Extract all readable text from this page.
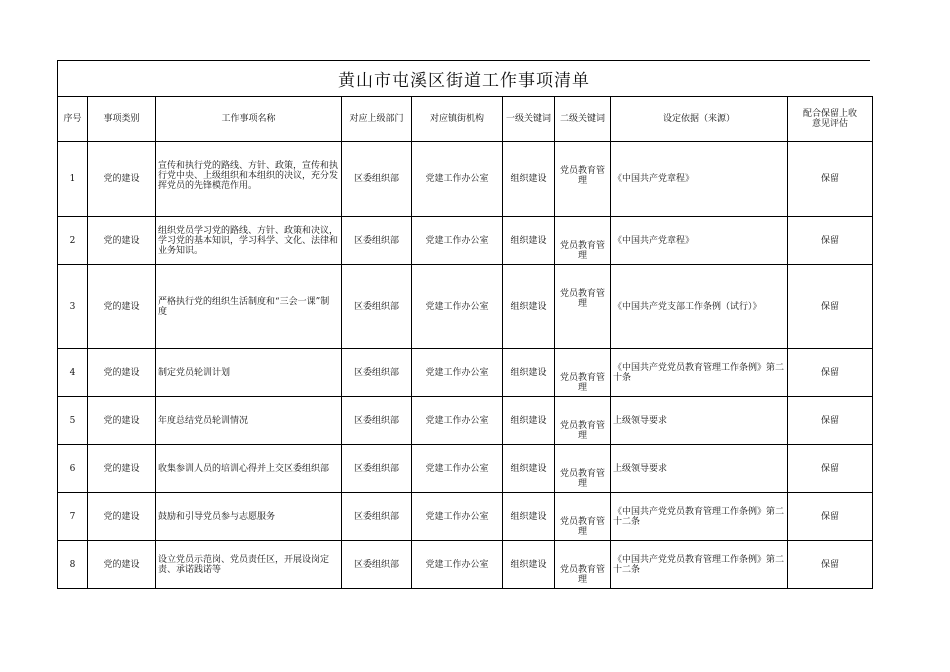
黄山市屯溪区街道工作事项清单
序号	事项类别	工作事项名称	对应上级部门	对应镇街机构	一级关键词	二级关键词	设定依据（来源）	配合保留上收意见评估
1	党的建设	宣传和执行党的路线、方针、政策，宣传和执行党中央、上级组织和本组织的决议，充分发挥党员的先锋模范作用。	区委组织部	党建工作办公室	组织建设	党员教育管理	《中国共产党章程》	保留
2	党的建设	组织党员学习党的路线、方针、政策和决议，学习党的基本知识，学习科学、文化、法律和业务知识。	区委组织部	党建工作办公室	组织建设	党员教育管理	《中国共产党章程》	保留
3	党的建设	严格执行党的组织生活制度和“三会一课”制度	区委组织部	党建工作办公室	组织建设	党员教育管理	《中国共产党支部工作条例（试行）》	保留
4	党的建设	制定党员轮训计划	区委组织部	党建工作办公室	组织建设	党员教育管理	《中国共产党党员教育管理工作条例》第二十条	保留
5	党的建设	年度总结党员轮训情况	区委组织部	党建工作办公室	组织建设	党员教育管理	上级领导要求	保留
6	党的建设	收集参训人员的培训心得并上交区委组织部	区委组织部	党建工作办公室	组织建设	党员教育管理	上级领导要求	保留
7	党的建设	鼓励和引导党员参与志愿服务	区委组织部	党建工作办公室	组织建设	党员教育管理	《中国共产党党员教育管理工作条例》第二十二条	保留
8	党的建设	设立党员示范岗、党员责任区，开展设岗定责、承诺践诺等	区委组织部	党建工作办公室	组织建设	党员教育管理	《中国共产党党员教育管理工作条例》第二十二条	保留
